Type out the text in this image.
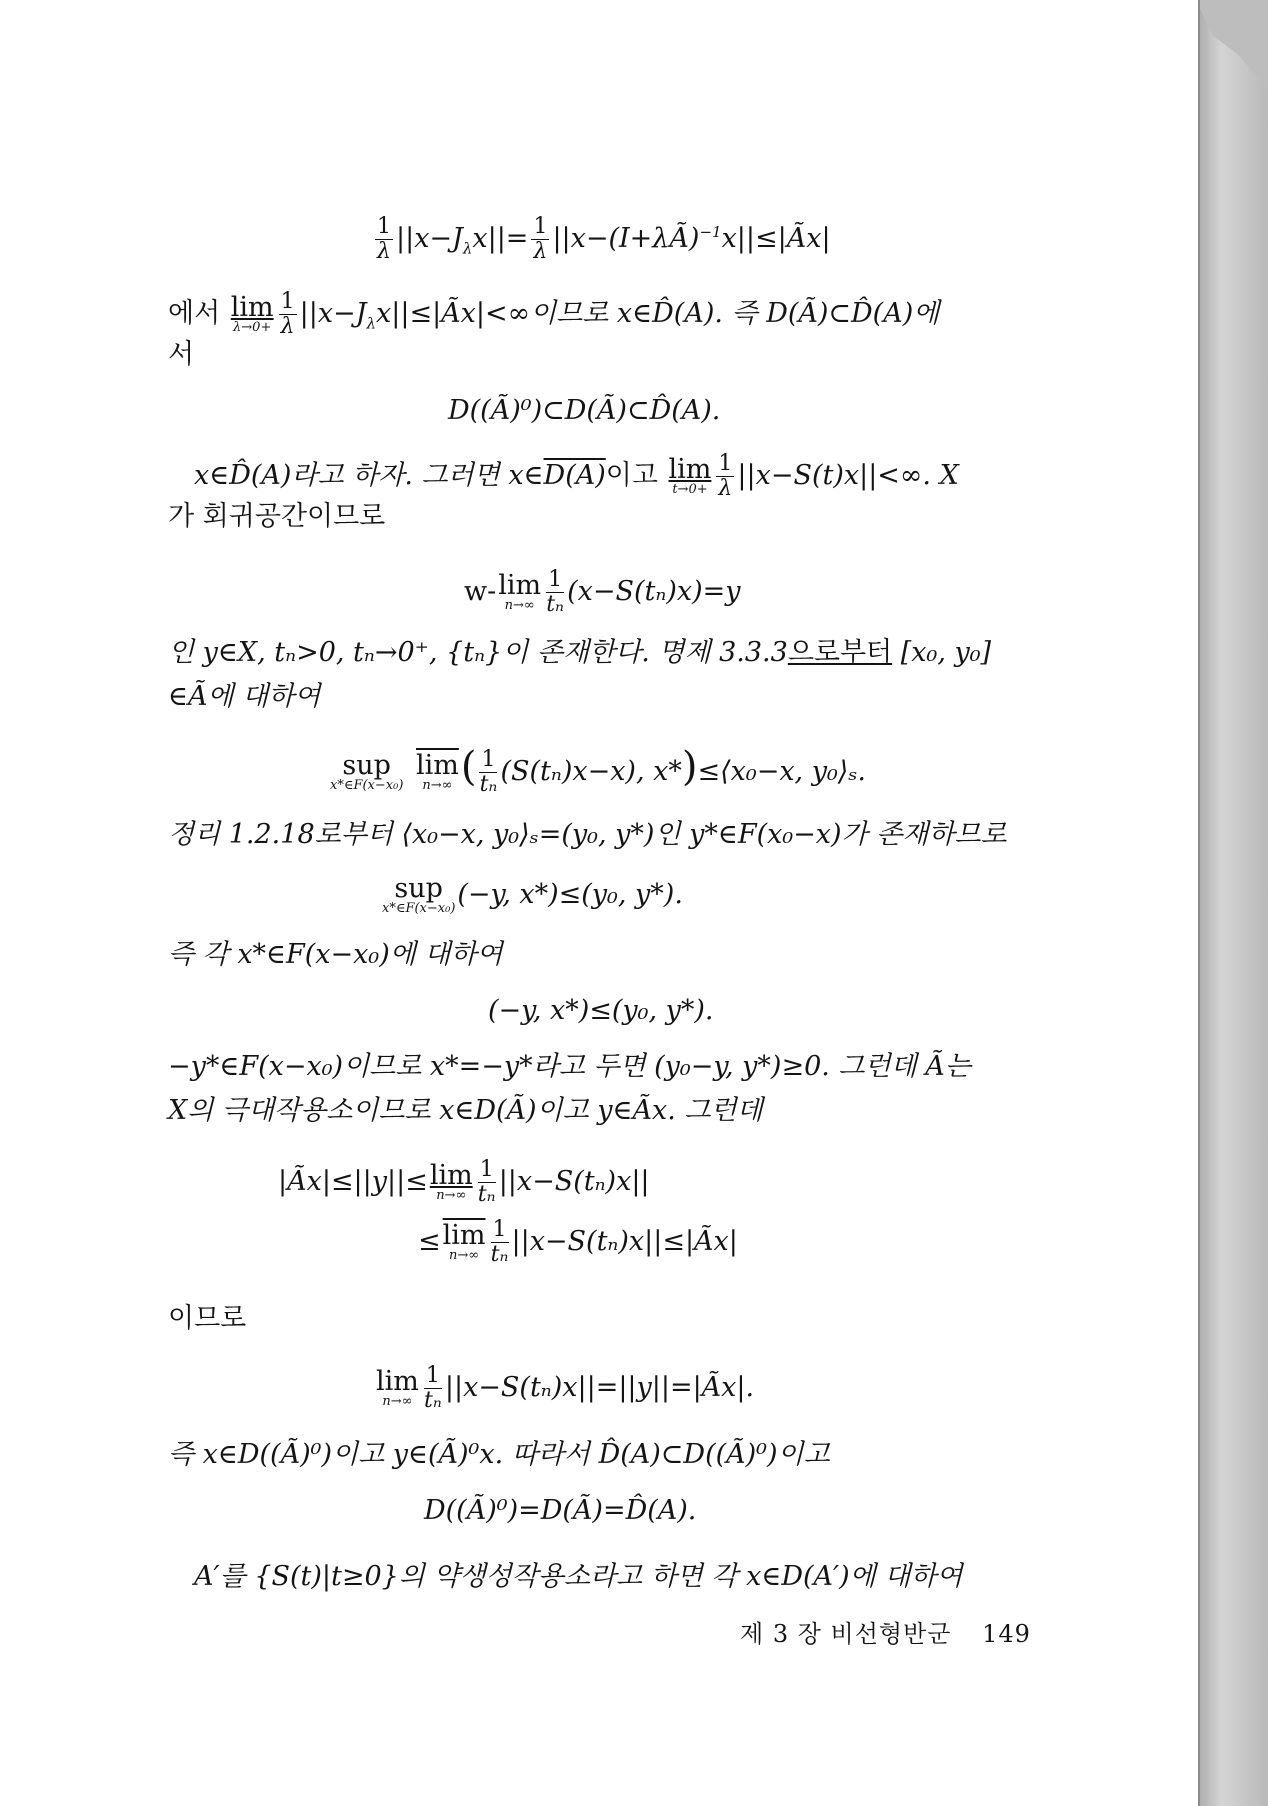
$\frac{1}{\lambda} ||x-J_\lambda x||= \frac{1}{\lambda}$ ||x−(I+λÃ)$^{-1}$x||≤|Ãx|
에서 lim
$\lambda\to 0+ \frac{1}{\lambda}$ $||x-J_\lambda x||\le|Ãx|<\infty$이므로 x∈D̂(A). 즉 D(Ã)⊂D̂(A)에
서
D((Ã)⁰)⊂D(Ã)⊂D̂(A).
x∈D̂(A)라고 하자. 그러면 x∈D(A)이고 lim
$t\to 0+ \frac{1}{\lambda} ||x-S(t)x||<\infty$. X
가 회귀공간이므로
w- lim
$n\to\infty \frac{1}{\text{tₙ}} (x-S(t_n)x)=y$
인 y∈X, tₙ>0, tₙ→0⁺, {tₙ}이 존재한다. 명제 3.3.3으로부터 [x₀, y₀]
∈Ã에 대하여
sup
x*∈F(x−x₀)

$\overline{lim}$
n→∞ ( $\frac{1}{\text{tₙ}} (S(t_n)x-x)$, x*)≤⟨x₀−x, y₀⟩ₛ.
정리 1.2.18로부터 ⟨x₀−x, y₀⟩ₛ=(y₀, y*)인 y*∈F(x₀−x)가 존재하므로
sup
x*∈F(x−x₀) (−y, x*)≤(y₀, y*).
즉 각 x*∈F(x−x₀)에 대하여
(−y, x*)≤(y₀, y*).
−y*∈F(x−x₀)이므로 x*=−y*라고 두면 (y₀−y, y*)≥0. 그런데 Ã는
X의 극대작용소이므로 x∈D(Ã)이고 y∈Ãx. 그런데
|Ãx|≤||y||≤ lim
$n\to\infty \frac{1}{\text{tₙ}} ||x-S(t_n)x||$
≤ $\overline{lim}$
$n\to\infty \frac{1}{\text{tₙ}}$ ||x−S(tₙ)x||≤|Ãx|
이므로
lim
$n\to\infty \frac{1}{\text{tₙ}}$ ||x−S(tₙ)x||=||y||=|Ãx|.
즉 x∈D((Ã)⁰)이고 y∈(Ã)⁰x. 따라서 D̂(A)⊂D((Ã)⁰)이고
D((Ã)⁰)=D(Ã)=D̂(A).
A′를 {S(t)|t≥0}의 약생성작용소라고 하면 각 x∈D(A′)에 대하여
제 3 장 비선형반군 149
